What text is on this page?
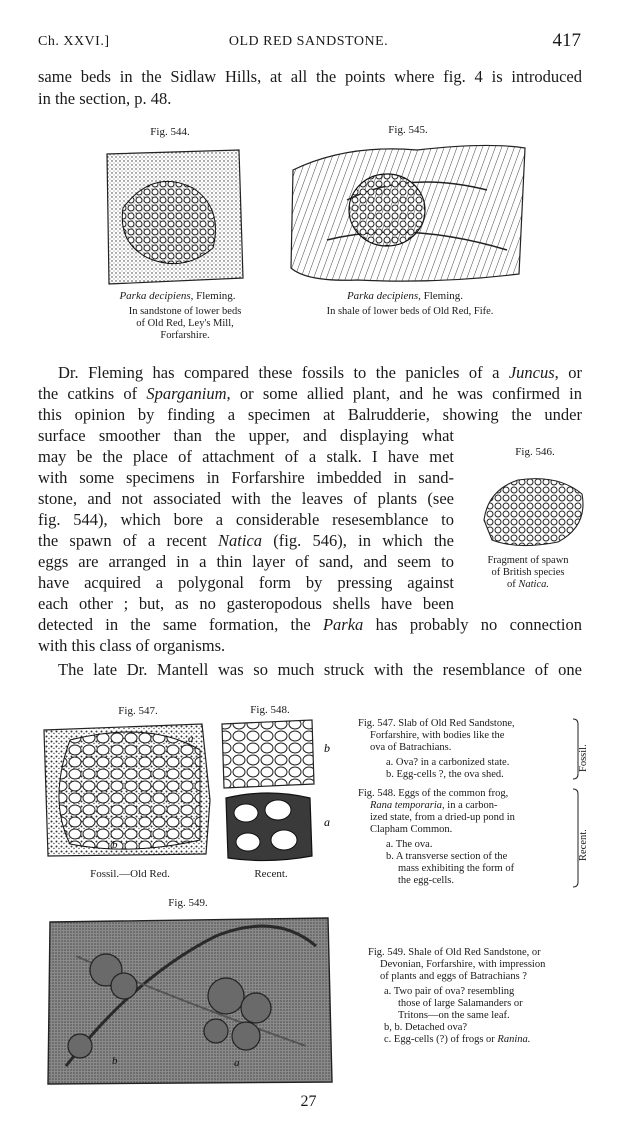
Ch. XXVI.]	OLD RED SANDSTONE.	417
same beds in the Sidlaw Hills, at all the points where fig. 4 is introduced
in the section, p. 48.
Fig. 544.
Parka decipiens, Fleming.
In sandstone of lower beds
of Old Red, Ley's Mill,
Forfarshire.
Fig. 545.
Parka decipiens, Fleming.
In shale of lower beds of Old Red, Fife.
Dr. Fleming has compared these fossils to the panicles of a Juncus, or
the catkins of Sparganium, or some allied plant, and he was confirmed in
this opinion by finding a specimen at Balrudderie, showing the under
surface smoother than the upper, and displaying what
may be the place of attachment of a stalk. I have met
with some specimens in Forfarshire imbedded in sand-
stone, and not associated with the leaves of plants (see
fig. 544), which bore a considerable resesemblance to
the spawn of a recent Natica (fig. 546), in which the
eggs are arranged in a thin layer of sand, and seem to
have acquired a polygonal form by pressing against
each other ; but, as no gasteropodous shells have been
detected in the same formation, the Parka has probably no connection
with this class of organisms.
The late Dr. Mantell was so much struck with the resemblance of one
Fig. 546.
Fragment of spawn
of British species
of Natica.
Fig. 547.
a
b
Fossil.—Old Red.
Fig. 548.
b
a
Recent.
Fig. 547. Slab of Old Red Sandstone,
Forfarshire, with bodies like the
ova of Batrachians.
a. Ova? in a carbonized state.
b. Egg-cells ?, the ova shed.
Fossil.
Fig. 548. Eggs of the common frog,
Rana temporaria, in a carbon-
ized state, from a dried-up pond in
Clapham Common.
a. The ova.
b. A transverse section of the
mass exhibiting the form of
the egg-cells.
Recent.
Fig. 549.
b	a
Fig. 549. Shale of Old Red Sandstone, or
Devonian, Forfarshire, with impression
of plants and eggs of Batrachians ?
a. Two pair of ova? resembling
those of large Salamanders or
Tritons—on the same leaf.
b, b. Detached ova?
c. Egg-cells (?) of frogs or Ranina.
27
